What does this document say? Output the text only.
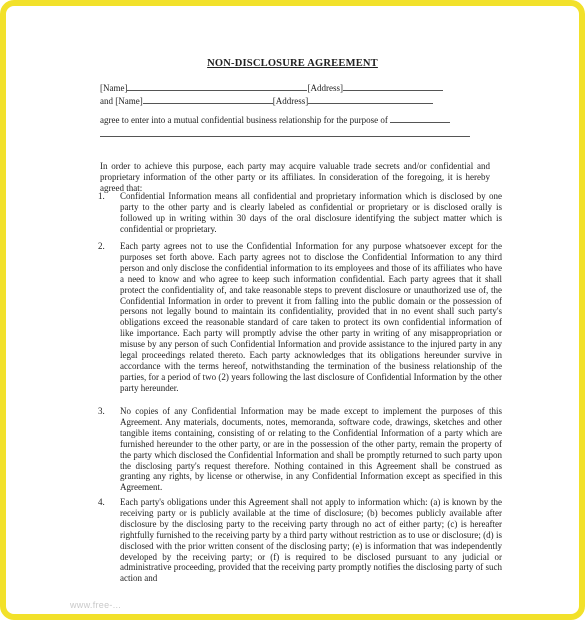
NON-DISCLOSURE AGREEMENT
[Name]	[Address]
and [Name]	[Address]
agree to enter into a mutual confidential business relationship for the purpose of
In order to achieve this purpose, each party may acquire valuable trade secrets and/or confidential and proprietary information of the other party or its affiliates. In consideration of the foregoing, it is hereby agreed that:
1.	Confidential Information means all confidential and proprietary information which is disclosed by one party to the other party and is clearly labeled as confidential or proprietary or is disclosed orally is followed up in writing within 30 days of the oral disclosure identifying the subject matter which is confidential or proprietary.
2.	Each party agrees not to use the Confidential Information for any purpose whatsoever except for the purposes set forth above. Each party agrees not to disclose the Confidential Information to any third person and only disclose the confidential information to its employees and those of its affiliates who have a need to know and who agree to keep such information confidential. Each party agrees that it shall protect the confidentiality of, and take reasonable steps to prevent disclosure or unauthorized use of, the Confidential Information in order to prevent it from falling into the public domain or the possession of persons not legally bound to maintain its confidentiality, provided that in no event shall such party's obligations exceed the reasonable standard of care taken to protect its own confidential information of like importance. Each party will promptly advise the other party in writing of any misappropriation or misuse by any person of such Confidential Information and provide assistance to the injured party in any legal proceedings related thereto. Each party acknowledges that its obligations hereunder survive in accordance with the terms hereof, notwithstanding the termination of the business relationship of the parties, for a period of two (2) years following the last disclosure of Confidential Information by the other party hereunder.
3.	No copies of any Confidential Information may be made except to implement the purposes of this Agreement. Any materials, documents, notes, memoranda, software code, drawings, sketches and other tangible items containing, consisting of or relating to the Confidential Information of a party which are furnished hereunder to the other party, or are in the possession of the other party, remain the property of the party which disclosed the Confidential Information and shall be promptly returned to such party upon the disclosing party's request therefore. Nothing contained in this Agreement shall be construed as granting any rights, by license or otherwise, in any Confidential Information except as specified in this Agreement.
4.	Each party's obligations under this Agreement shall not apply to information which: (a) is known by the receiving party or is publicly available at the time of disclosure; (b) becomes publicly available after disclosure by the disclosing party to the receiving party through no act of either party; (c) is hereafter rightfully furnished to the receiving party by a third party without restriction as to use or disclosure; (d) is disclosed with the prior written consent of the disclosing party; (e) is information that was independently developed by the receiving party; or (f) is required to be disclosed pursuant to any judicial or administrative proceeding, provided that the receiving party promptly notifies the disclosing party of such action and
www.free-...
